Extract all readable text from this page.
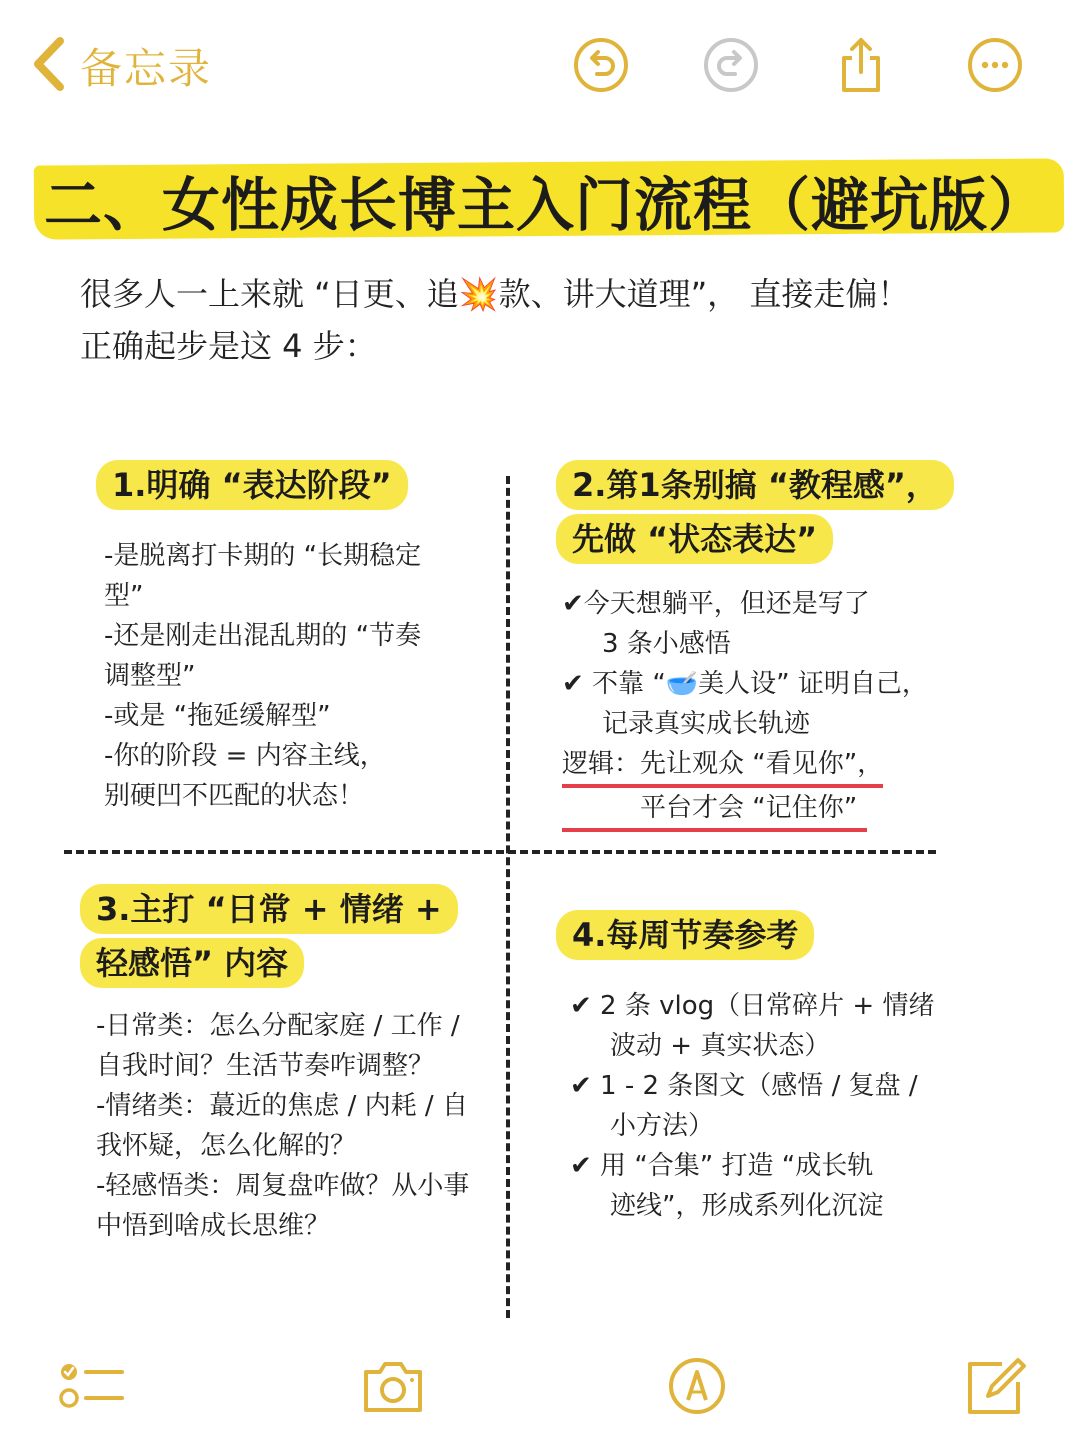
备忘录
二、女性成长博主入门流程（避坑版）
很多人一上来就 “日更、追💥款、讲大道理”， 直接走偏！
正确起步是这 4 步：
1.明确 “表达阶段”
-是脱离打卡期的 “长期稳定
型”
-还是刚走出混乱期的 “节奏
调整型”
-或是 “拖延缓解型”
-你的阶段 = 内容主线，
别硬凹不匹配的状态！
2.第1条别搞 “教程感”，
先做 “状态表达”
✔今天想躺平，但还是写了
3 条小感悟
✔ 不靠 “🥣美人设” 证明自己，
记录真实成长轨迹
逻辑：先让观众 “看见你”，
平台才会 “记住你”
3.主打 “日常 + 情绪 +
轻感悟” 内容
-日常类：怎么分配家庭 / 工作 /
自我时间？生活节奏咋调整？
-情绪类：蕞近的焦虑 / 内耗 / 自
我怀疑，怎么化解的？
-轻感悟类：周复盘咋做？从小事
中悟到啥成长思维？
4.每周节奏参考
✔ 2 条 vlog（日常碎片 + 情绪
波动 + 真实状态）
✔ 1 - 2 条图文（感悟 / 复盘 /
小方法）
✔ 用 “合集” 打造 “成长轨
迹线”，形成系列化沉淀
